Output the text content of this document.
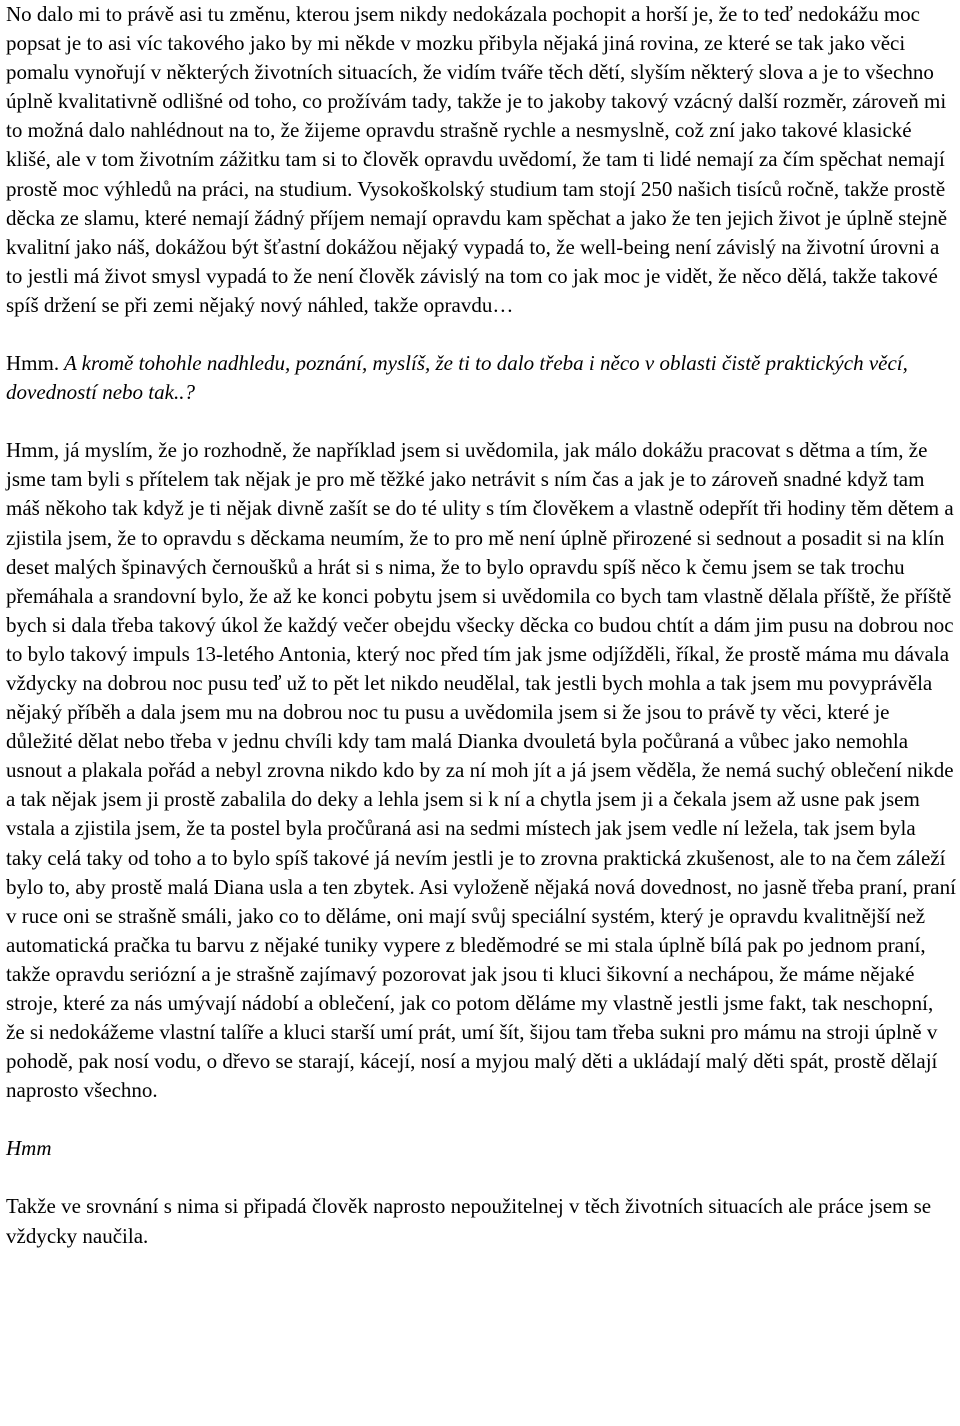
No dalo mi to právě asi tu změnu, kterou jsem nikdy nedokázala pochopit a horší je, že to teď nedokážu moc popsat je to asi víc takového jako by mi někde v mozku přibyla nějaká jiná rovina, ze které se tak jako věci pomalu vynořují v některých životních situacích, že vidím tváře těch dětí, slyším některý slova a je to všechno úplně kvalitativně odlišné od toho, co prožívám tady, takže je to jakoby takový vzácný další rozměr, zároveň mi to možná dalo nahlédnout na to, že žijeme opravdu strašně rychle a nesmyslně, což zní jako takové klasické klišé, ale v tom životním zážitku tam si to člověk opravdu uvědomí, že tam ti lidé nemají za čím spěchat nemají prostě moc výhledů na práci, na studium. Vysokoškolský studium tam stojí 250 našich tisíců ročně, takže prostě děcka ze slamu, které nemají žádný příjem nemají opravdu kam spěchat a jako že ten jejich život je úplně stejně kvalitní jako náš, dokážou být šťastní dokážou nějaký vypadá to, že well-being není závislý na životní úrovni a to jestli má život smysl vypadá to že není člověk závislý na tom co jak moc je vidět, že něco dělá, takže takové spíš držení se při zemi nějaký nový náhled, takže opravdu…

Hmm. A kromě tohohle nadhledu, poznání, myslíš, že ti to dalo třeba i něco v oblasti čistě praktických věcí, dovedností nebo tak..?

Hmm, já myslím, že jo rozhodně, že například jsem si uvědomila, jak málo dokážu pracovat s dětma a tím, že jsme tam byli s přítelem tak nějak je pro mě těžké jako netrávit s ním čas a jak je to zároveň snadné když tam máš někoho tak když je ti nějak divně zašít se do té ulity s tím člověkem a vlastně odepřít tři hodiny těm dětem a zjistila jsem, že to opravdu s děckama neumím, že to pro mě není úplně přirozené si sednout a posadit si na klín deset malých špinavých černoušků a hrát si s nima, že to bylo opravdu spíš něco k čemu jsem se tak trochu přemáhala a srandovní bylo, že až ke konci pobytu jsem si uvědomila co bych tam vlastně dělala příště, že příště bych si dala třeba takový úkol že každý večer obejdu všecky děcka co budou chtít a dám jim pusu na dobrou noc to bylo takový impuls 13-letého Antonia, který noc před tím jak jsme odjížděli, říkal, že prostě máma mu dávala vždycky na dobrou noc pusu teď už to pět let nikdo neudělal, tak jestli bych mohla a tak jsem mu povyprávěla nějaký příběh a dala jsem mu na dobrou noc tu pusu a uvědomila jsem si že jsou to právě ty věci, které je důležité dělat nebo třeba v jednu chvíli kdy tam malá Dianka dvouletá byla počůraná a vůbec jako nemohla usnout a plakala pořád a nebyl zrovna nikdo kdo by za ní moh jít a já jsem věděla, že nemá suchý oblečení nikde a tak nějak jsem ji prostě zabalila do deky a lehla jsem si k ní a chytla jsem ji a čekala jsem až usne pak jsem vstala a zjistila jsem, že ta postel byla pročůraná asi na sedmi místech jak jsem vedle ní ležela, tak jsem byla taky celá taky od toho a to bylo spíš takové já nevím jestli je to zrovna praktická zkušenost, ale to na čem záleží bylo to, aby prostě malá Diana usla a ten zbytek. Asi vyloženě nějaká nová dovednost, no jasně třeba praní, praní v ruce oni se strašně smáli, jako co to děláme, oni mají svůj speciální systém, který je opravdu kvalitnější než automatická pračka tu barvu z nějaké tuniky vypere z bleděmodré se mi stala úplně bílá pak po jednom praní, takže opravdu seriózní a je strašně zajímavý pozorovat jak jsou ti kluci šikovní a nechápou, že máme nějaké stroje, které za nás umývají nádobí a oblečení, jak co potom děláme my vlastně jestli jsme fakt, tak neschopní, že si nedokážeme vlastní talíře a kluci starší umí prát, umí šít, šijou tam třeba sukni pro mámu na stroji úplně v pohodě, pak nosí vodu, o dřevo se starají, kácejí, nosí a myjou malý děti a ukládají malý děti spát, prostě dělají naprosto všechno.

Hmm

Takže ve srovnání s nima si připadá člověk naprosto nepoužitelnej v těch životních situacích ale práce jsem se vždycky naučila.
